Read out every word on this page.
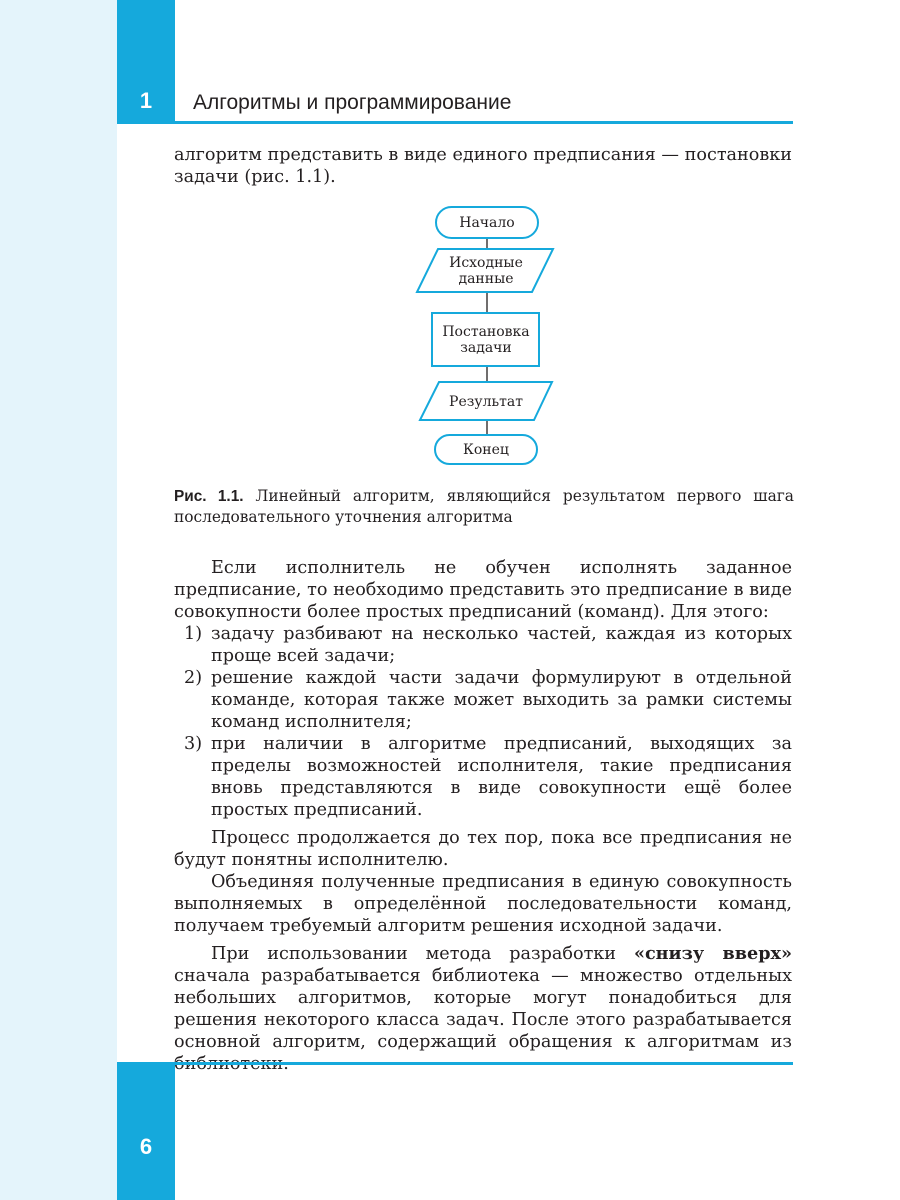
1	Алгоритмы и программирование

алгоритм представить в виде единого предписания — постановки задачи (рис. 1.1).

Начало
Исходные
данные
Постановка
задачи
Результат
Конец
Рис. 1.1. Линейный алгоритм, являющийся результатом первого шага последовательного уточнения алгоритма

Если исполнитель не обучен исполнять заданное предписание, то необходимо представить это предписание в виде совокупности более простых предписаний (команд). Для этого:

1) задачу разбивают на несколько частей, каждая из которых проще всей задачи;
2) решение каждой части задачи формулируют в отдельной команде, которая также может выходить за рамки системы команд исполнителя;
3) при наличии в алгоритме предписаний, выходящих за пределы возможностей исполнителя, такие предписания вновь представляются в виде совокупности ещё более простых предписаний.

Процесс продолжается до тех пор, пока все предписания не будут понятны исполнителю.

Объединяя полученные предписания в единую совокупность выполняемых в определённой последовательности команд, получаем требуемый алгоритм решения исходной задачи.

При использовании метода разработки «снизу вверх» сначала разрабатывается библиотека — множество отдельных небольших алгоритмов, которые могут понадобиться для решения некоторого класса задач. После этого разрабатывается основной алгоритм, содержащий обращения к алгоритмам из

6
